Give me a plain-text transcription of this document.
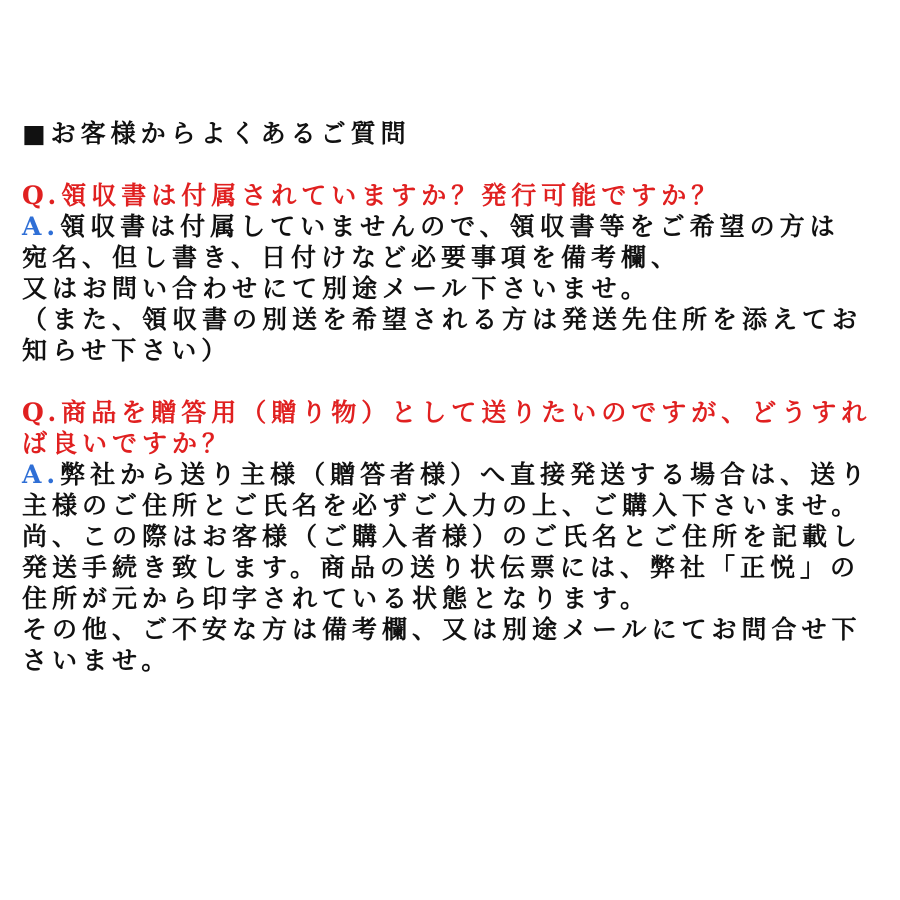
■お客様からよくあるご質問
Q.領収書は付属されていますか？発行可能ですか？
A.領収書は付属していませんので、領収書等をご希望の方は
宛名、但し書き、日付けなど必要事項を備考欄、
又はお問い合わせにて別途メール下さいませ。
（また、領収書の別送を希望される方は発送先住所を添えてお
知らせ下さい）
Q.商品を贈答用（贈り物）として送りたいのですが、どうすれ
ば良いですか？
A.弊社から送り主様（贈答者様）へ直接発送する場合は、送り
主様のご住所とご氏名を必ずご入力の上、ご購入下さいませ。
尚、この際はお客様（ご購入者様）のご氏名とご住所を記載し
発送手続き致します。商品の送り状伝票には、弊社「正悦」の
住所が元から印字されている状態となります。
その他、ご不安な方は備考欄、又は別途メールにてお問合せ下
さいませ。
